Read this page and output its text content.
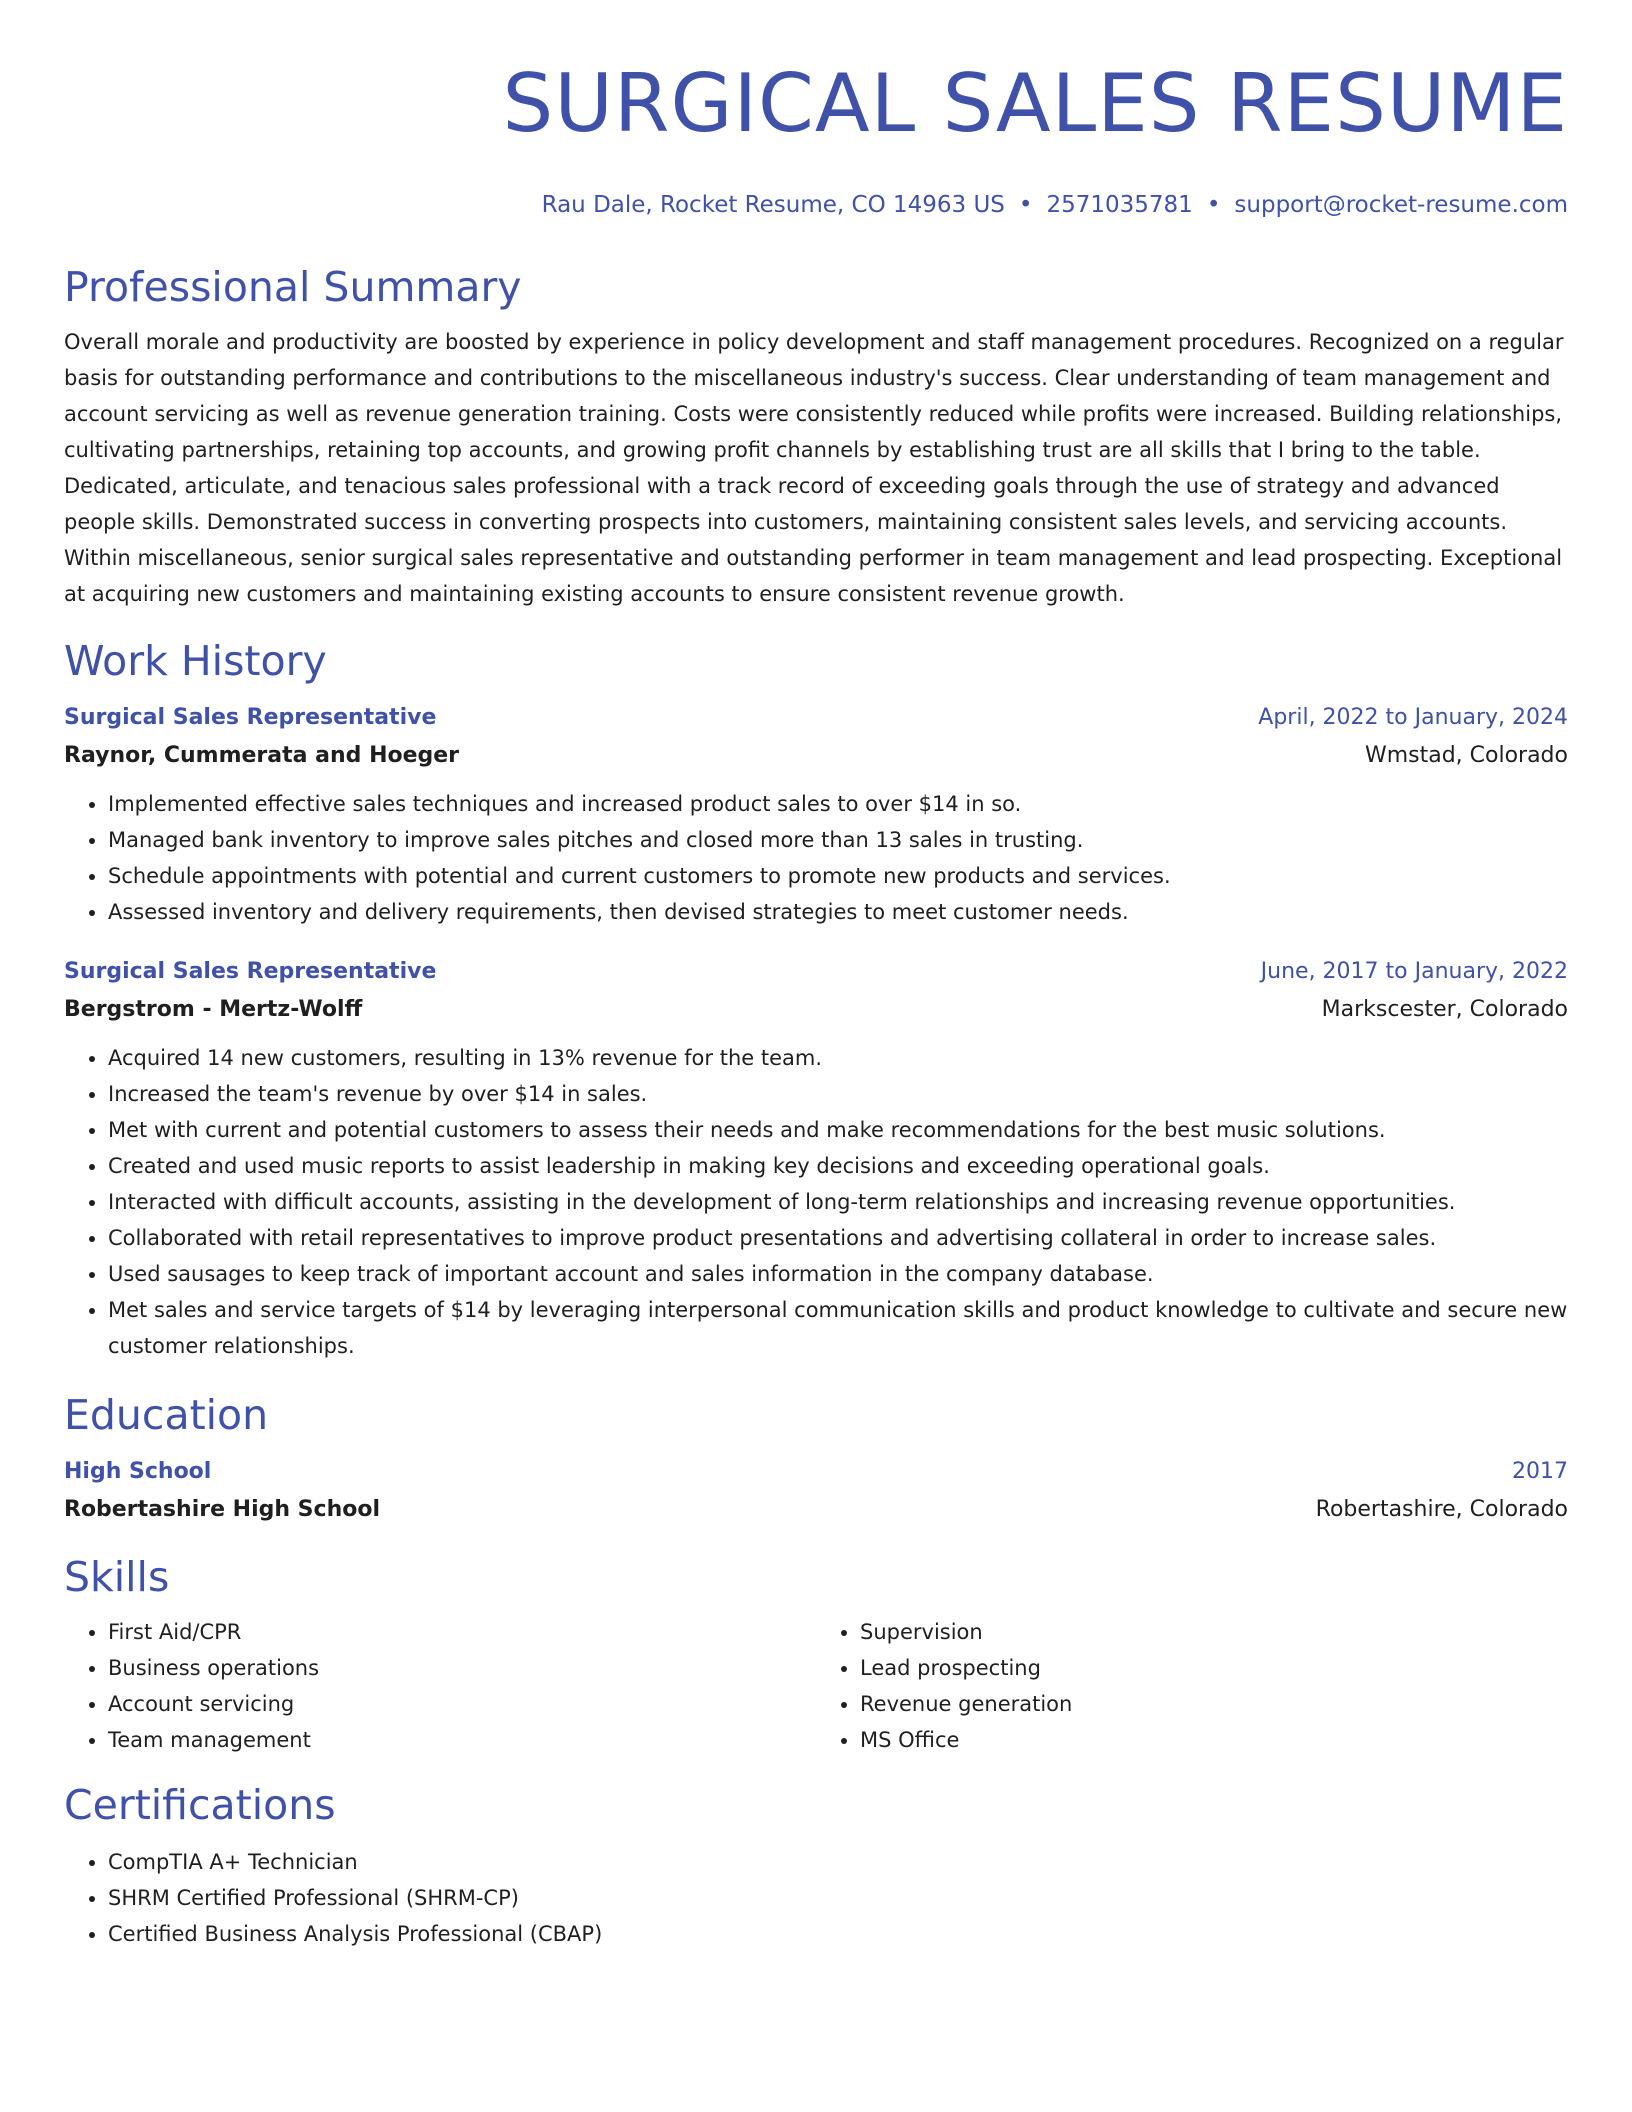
SURGICAL SALES RESUME
Rau Dale, Rocket Resume, CO 14963 US • 2571035781 • support@rocket-resume.com
Professional Summary

Overall morale and productivity are boosted by experience in policy development and staff management procedures. Recognized on a regular basis for outstanding performance and contributions to the miscellaneous industry's success. Clear understanding of team management and account servicing as well as revenue generation training. Costs were consistently reduced while profits were increased. Building relationships, cultivating partnerships, retaining top accounts, and growing profit channels by establishing trust are all skills that I bring to the table. Dedicated, articulate, and tenacious sales professional with a track record of exceeding goals through the use of strategy and advanced people skills. Demonstrated success in converting prospects into customers, maintaining consistent sales levels, and servicing accounts. Within miscellaneous, senior surgical sales representative and outstanding performer in team management and lead prospecting. Exceptional at acquiring new customers and maintaining existing accounts to ensure consistent revenue growth.

Work History
Surgical Sales Representative	April, 2022 to January, 2024
Raynor, Cummerata and Hoeger	Wmstad, Colorado
• Implemented effective sales techniques and increased product sales to over $14 in so.
• Managed bank inventory to improve sales pitches and closed more than 13 sales in trusting.
• Schedule appointments with potential and current customers to promote new products and services.
• Assessed inventory and delivery requirements, then devised strategies to meet customer needs.
Surgical Sales Representative	June, 2017 to January, 2022
Bergstrom - Mertz-Wolff	Markscester, Colorado
• Acquired 14 new customers, resulting in 13% revenue for the team.
• Increased the team's revenue by over $14 in sales.
• Met with current and potential customers to assess their needs and make recommendations for the best music solutions.
• Created and used music reports to assist leadership in making key decisions and exceeding operational goals.
• Interacted with difficult accounts, assisting in the development of long-term relationships and increasing revenue opportunities.
• Collaborated with retail representatives to improve product presentations and advertising collateral in order to increase sales.
• Used sausages to keep track of important account and sales information in the company database.
• Met sales and service targets of $14 by leveraging interpersonal communication skills and product knowledge to cultivate and secure new customer relationships.
Education
High School	2017
Robertashire High School	Robertashire, Colorado
Skills
• First Aid/CPR
• Business operations
• Account servicing
• Team management
• Supervision
• Lead prospecting
• Revenue generation
• MS Office
Certifications
• CompTIA A+ Technician
• SHRM Certified Professional (SHRM-CP)
• Certified Business Analysis Professional (CBAP)
